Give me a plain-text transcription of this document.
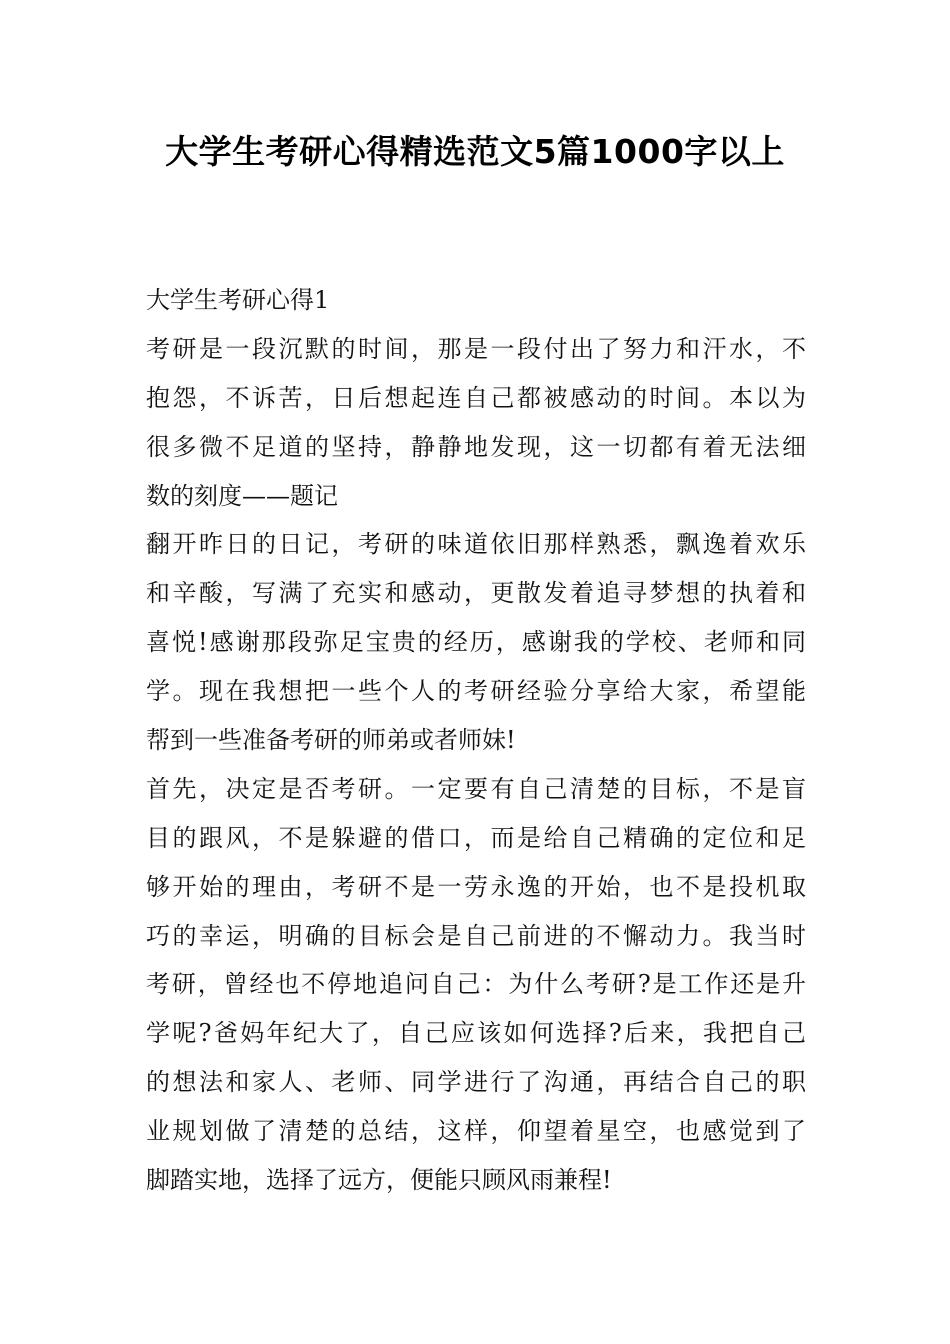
大学生考研心得精选范文5篇1000字以上
大学生考研心得1
考研是一段沉默的时间，那是一段付出了努力和汗水，不
抱怨，不诉苦，日后想起连自己都被感动的时间。本以为
很多微不足道的坚持，静静地发现，这一切都有着无法细
数的刻度——题记
翻开昨日的日记，考研的味道依旧那样熟悉，飘逸着欢乐
和辛酸，写满了充实和感动，更散发着追寻梦想的执着和
喜悦!感谢那段弥足宝贵的经历，感谢我的学校、老师和同
学。现在我想把一些个人的考研经验分享给大家，希望能
帮到一些准备考研的师弟或者师妹!
首先，决定是否考研。一定要有自己清楚的目标，不是盲
目的跟风，不是躲避的借口，而是给自己精确的定位和足
够开始的理由，考研不是一劳永逸的开始，也不是投机取
巧的幸运，明确的目标会是自己前进的不懈动力。我当时
考研，曾经也不停地追问自己：为什么考研?是工作还是升
学呢?爸妈年纪大了，自己应该如何选择?后来，我把自己
的想法和家人、老师、同学进行了沟通，再结合自己的职
业规划做了清楚的总结，这样，仰望着星空，也感觉到了
脚踏实地，选择了远方，便能只顾风雨兼程!
